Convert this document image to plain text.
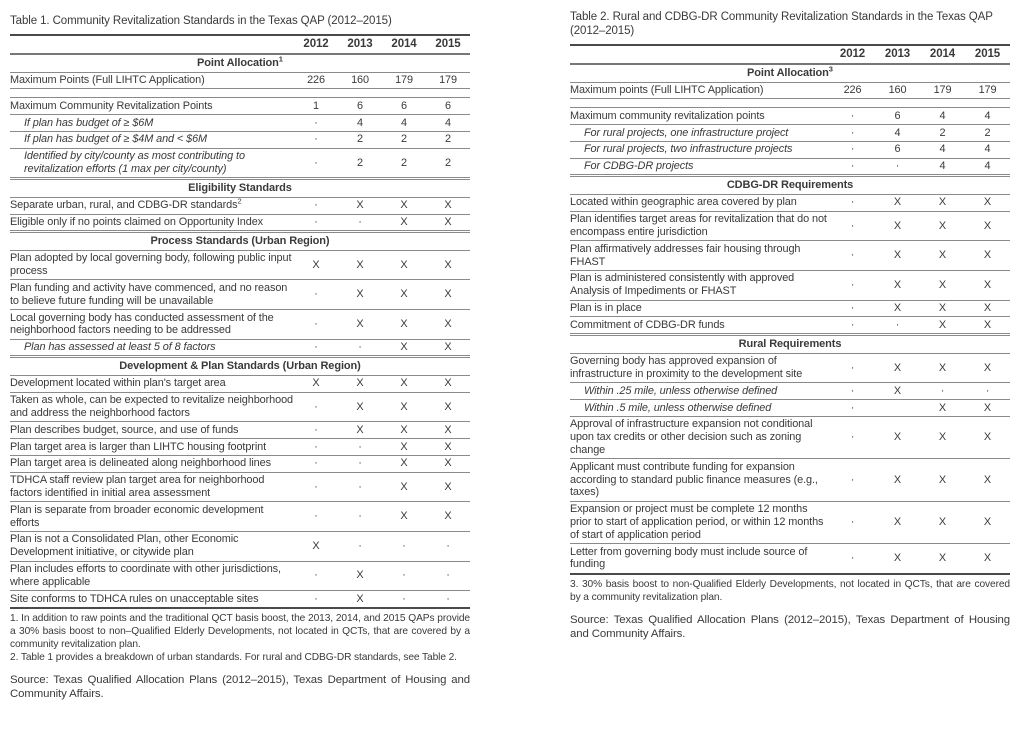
Table 1. Community Revitalization Standards in the Texas QAP (2012–2015)
	2012	2013	2014	2015
Point Allocation$^1$
Maximum Points (Full LIHTC Application)	226	160	179	179

Maximum Community Revitalization Points	1	6	6	6
If plan has budget of ≥ $6M	·	4	4	4
If plan has budget of ≥ $4M and < $6M	·	2	2	2
Identified by city/county as most contributing to revitalization efforts (1 max per city/county)	·	2	2	2
Eligibility Standards				
Separate urban, rural, and CDBG-DR standards$^2$	·	X	X	X
Eligible only if no points claimed on Opportunity Index	·	·	X	X
Process Standards (Urban Region)				
Plan adopted by local governing body, following public input process	X	X	X	X
Plan funding and activity have commenced, and no reason to believe future funding will be unavailable	·	X	X	X
Local governing body has conducted assessment of the neighborhood factors needing to be addressed	·	X	X	X
Plan has assessed at least 5 of 8 factors	·	·	X	X
Development & Plan Standards (Urban Region)				
Development located within plan's target area	X	X	X	X
Taken as whole, can be expected to revitalize neighborhood and address the neighborhood factors	·	X	X	X
Plan describes budget, source, and use of funds	·	X	X	X
Plan target area is larger than LIHTC housing footprint	·	·	X	X
Plan target area is delineated along neighborhood lines	·	·	X	X
TDHCA staff review plan target area for neighborhood factors identified in initial area assessment	·	·	X	X
Plan is separate from broader economic development efforts	·	·	X	X
Plan is not a Consolidated Plan, other Economic Development initiative, or citywide plan	X	·	·	·
Plan includes efforts to coordinate with other jurisdictions, where applicable	·	X	·	·
Site conforms to TDHCA rules on unacceptable sites	·	X	·	·

1. In addition to raw points and the traditional QCT basis boost, the 2013, 2014, and 2015 QAPs provide a 30% basis boost to non–Qualified Elderly Developments, not located in QCTs, that are covered by a community revitalization plan.

2. Table 1 provides a breakdown of urban standards. For rural and CDBG-DR standards, see Table 2.

Source: Texas Qualified Allocation Plans (2012–2015), Texas Department of Housing and Community Affairs.
Table 2. Rural and CDBG-DR Community Revitalization Standards in the Texas QAP (2012–2015)
	2012	2013	2014	2015
Point Allocation$^3$
Maximum points (Full LIHTC Application)	226	160	179	179

Maximum community revitalization points	·	6	4	4
For rural projects, one infrastructure project	·	4	2	2
For rural projects, two infrastructure projects	·	6	4	4
For CDBG-DR projects	·	·	4	4
CDBG-DR Requirements				
Located within geographic area covered by plan	·	X	X	X
Plan identifies target areas for revitalization that do not encompass entire jurisdiction	·	X	X	X
Plan affirmatively addresses fair housing through FHAST	·	X	X	X
Plan is administered consistently with approved Analysis of Impediments or FHAST	·	X	X	X
Plan is in place	·	X	X	X
Commitment of CDBG-DR funds	·	·	X	X
Rural Requirements				
Governing body has approved expansion of infrastructure in proximity to the development site	·	X	X	X
Within .25 mile, unless otherwise defined	·	X	·	·
Within .5 mile, unless otherwise defined	·		X	X
Approval of infrastructure expansion not conditional upon tax credits or other decision such as zoning change	·	X	X	X
Applicant must contribute funding for expansion according to standard public finance measures (e.g., taxes)	·	X	X	X
Expansion or project must be complete 12 months prior to start of application period, or within 12 months of start of application period	·	X	X	X
Letter from governing body must include source of funding	·	X	X	X

3. 30% basis boost to non-Qualified Elderly Developments, not located in QCTs, that are covered by a community revitalization plan.

Source: Texas Qualified Allocation Plans (2012–2015), Texas Department of Housing and Community Affairs.
